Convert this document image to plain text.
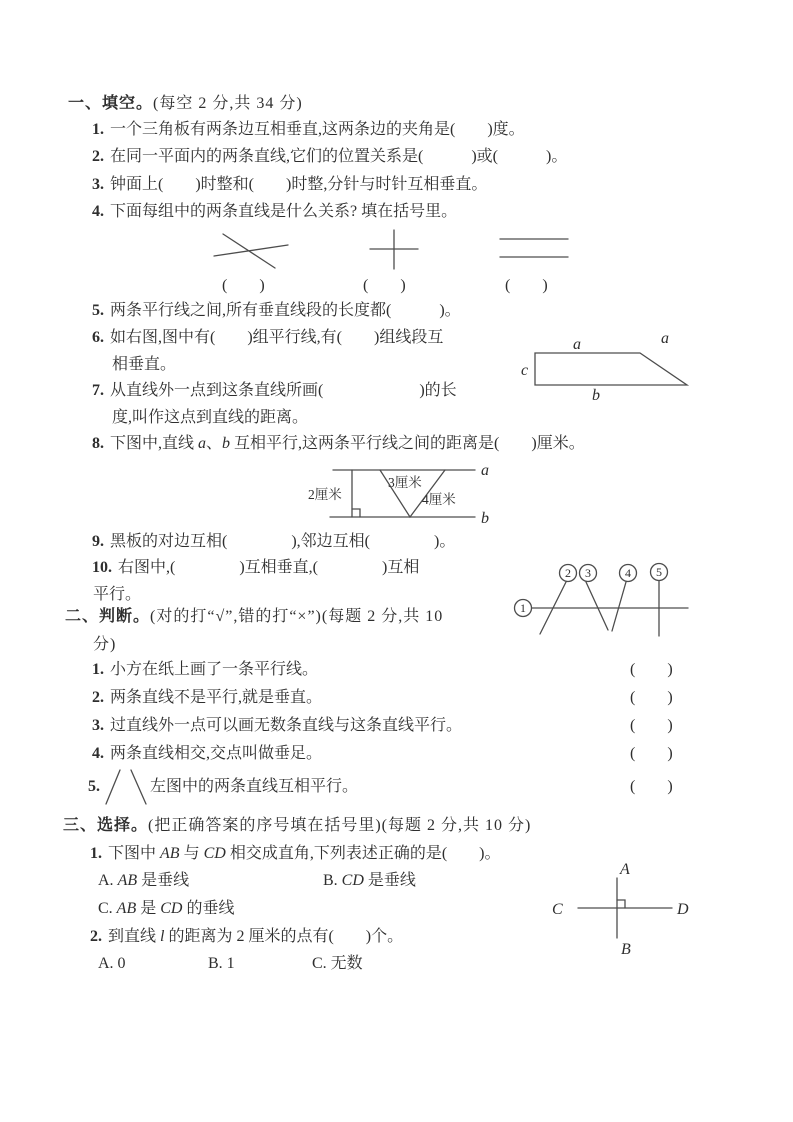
一、填空。(每空 2 分,共 34 分)
1. 一个三角板有两条边互相垂直,这两条边的夹角是(　　)度。
2. 在同一平面内的两条直线,它们的位置关系是(　　　)或(　　　)。
3. 钟面上(　　)时整和(　　)时整,分针与时针互相垂直。
4. 下面每组中的两条直线是什么关系? 填在括号里。
(　　)	(　　)	(　　)
5. 两条平行线之间,所有垂直线段的长度都(　　　)。
6. 如右图,图中有(　　)组平行线,有(　　)组线段互
相垂直。
a	a
c
b
7. 从直线外一点到这条直线所画(　　　　　　)的长
度,叫作这点到直线的距离。
8. 下图中,直线 a、b 互相平行,这两条平行线之间的距离是(　　)厘米。
a
b
2厘米
3厘米
4厘米
9. 黑板的对边互相(　　　　),邻边互相(　　　　)。
10. 右图中,(　　　　)互相垂直,(　　　　)互相
平行。
1
2 3	4 5
二、判断。(对的打“√”,错的打“×”)(每题 2 分,共 10
分)
1. 小方在纸上画了一条平行线。	(　　)
2. 两条直线不是平行,就是垂直。	(　　)
3. 过直线外一点可以画无数条直线与这条直线平行。	(　　)
4. 两条直线相交,交点叫做垂足。	(　　)
5.	左图中的两条直线互相平行。	(　　)
三、选择。(把正确答案的序号填在括号里)(每题 2 分,共 10 分)
1. 下图中 AB 与 CD 相交成直角,下列表述正确的是(　　)。
A. AB 是垂线	B. CD 是垂线
C. AB 是 CD 的垂线
2. 到直线 l 的距离为 2 厘米的点有(　　)个。
A. 0	B. 1	C. 无数
A
B
C	D
